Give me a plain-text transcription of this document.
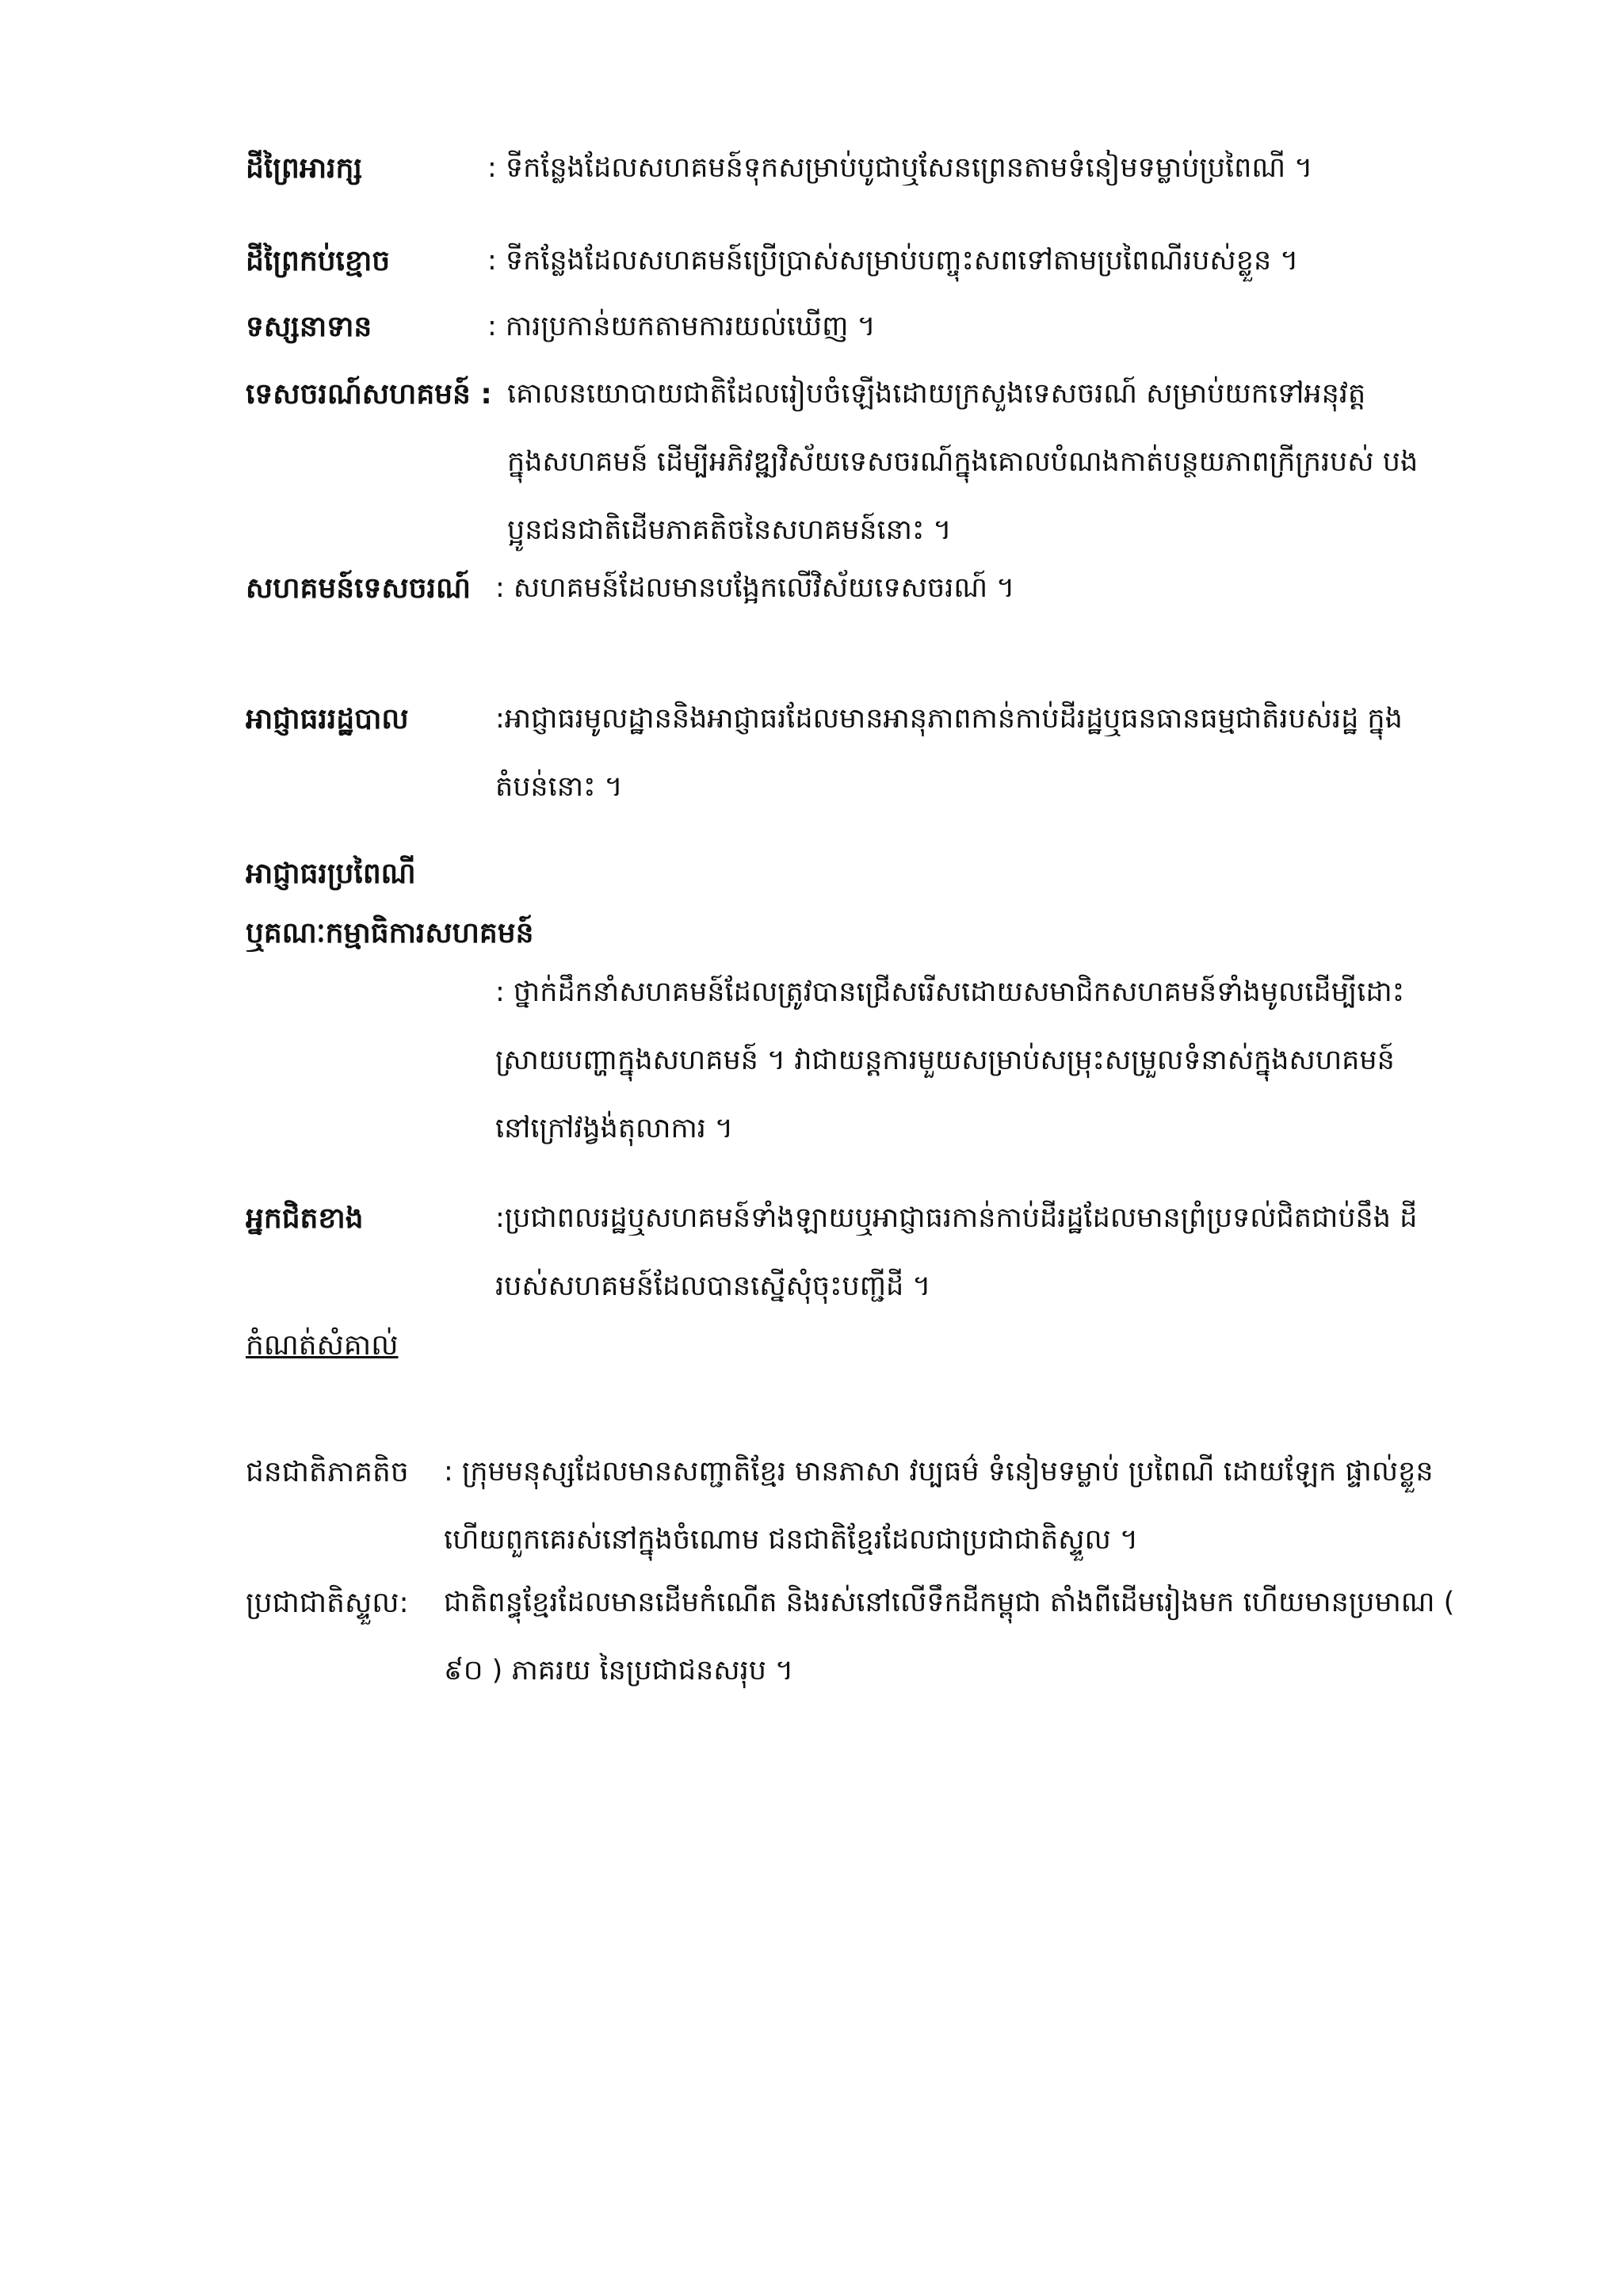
ដីព្រៃអារក្ស	: ទីកន្លែងដែលសហគមន៍ទុកសម្រាប់បូជាឬសែនព្រេនតាមទំនៀមទម្លាប់ប្រពៃណី ។
ដីព្រៃកប់ខ្មោច	: ទីកន្លែងដែលសហគមន៍ប្រើប្រាស់សម្រាប់បញ្ចុះសពទៅតាមប្រពៃណីរបស់ខ្លួន ។
ទស្សនាទាន	: ការប្រកាន់យកតាមការយល់ឃើញ ។
ទេសចរណ៍សហគមន៍ : គោលនយោបាយជាតិដែលរៀបចំឡើងដោយក្រសួងទេសចរណ៍ សម្រាប់យកទៅអនុវត្ត ក្នុងសហគមន៍ ដើម្បីអភិវឌ្ឍវិស័យទេសចរណ៍ក្នុងគោលបំណងកាត់បន្ថយភាពក្រីក្ររបស់ បងប្អូនជនជាតិដើមភាគតិចនៃសហគមន៍នោះ ។
សហគមន៍ទេសចរណ៍ : សហគមន៍ដែលមានបង្អែកលើវិស័យទេសចរណ៍ ។
អាជ្ញាធររដ្ឋបាល	:អាជ្ញាធរមូលដ្ឋាននិងអាជ្ញាធរដែលមានអានុភាពកាន់កាប់ដីរដ្ឋឬធនធានធម្មជាតិរបស់រដ្ឋ ក្នុងតំបន់នោះ ។
អាជ្ញាធរប្រពៃណី
ឬគណៈកម្មាធិការសហគមន៍
: ថ្នាក់ដឹកនាំសហគមន៍ដែលត្រូវបានជ្រើសរើសដោយសមាជិកសហគមន៍ទាំងមូលដើម្បីដោះ ស្រាយបញ្ហាក្នុងសហគមន៍ ។ វាជាយន្តការមួយសម្រាប់សម្រុះសម្រួលទំនាស់ក្នុងសហគមន៍ នៅក្រៅវង្វង់តុលាការ ។
អ្នកជិតខាង	:ប្រជាពលរដ្ឋឬសហគមន៍ទាំងឡាយឬអាជ្ញាធរកាន់កាប់ដីរដ្ឋដែលមានព្រំប្រទល់ជិតជាប់នឹង ដីរបស់សហគមន៍ដែលបានស្នើសុំចុះបញ្ជីដី ។
កំណត់សំគាល់
ជនជាតិភាគតិច : ក្រុមមនុស្សដែលមានសញ្ជាតិខ្មែរ មានភាសា វប្បធម៌ ទំនៀមទម្លាប់ ប្រពៃណី ដោយឡែក ផ្ទាល់ខ្លួនហើយពួកគេរស់នៅក្នុងចំណោម ជនជាតិខ្មែរដែលជាប្រជាជាតិស្ទួល ។
ប្រជាជាតិស្ទួល: ជាតិពន្ធុខ្មែរដែលមានដើមកំណើត និងរស់នៅលើទឹកដីកម្ពុជា តាំងពីដើមរៀងមក ហើយមានប្រមាណ ( ៩០ ) ភាគរយ នៃប្រជាជនសរុប ។
